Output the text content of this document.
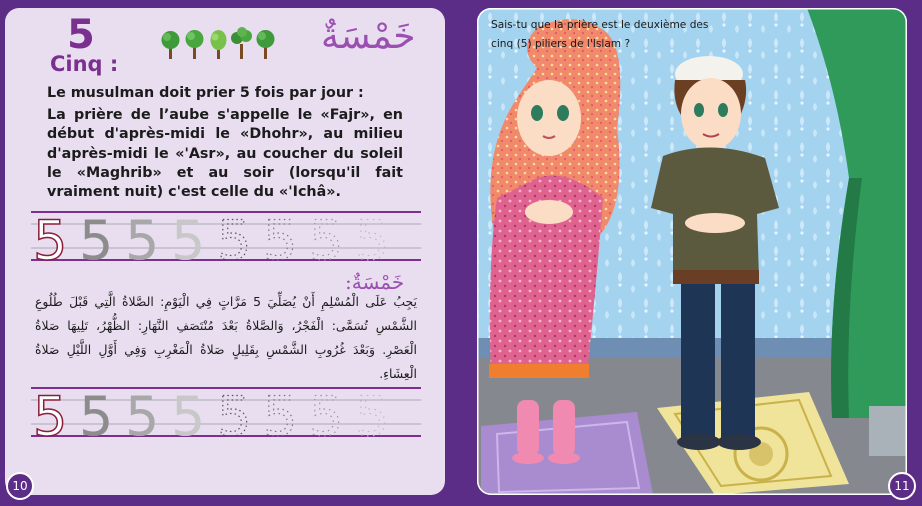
5
Cinq :
خَمْسَةٌ

Le musulman doit prier 5 fois par jour :

La prière de l’aube s'appelle le «Fajr», en début d'après-midi le «Dhohr», au milieu d'après-midi le «'Asr», au coucher du soleil le «Maghrib» et au soir (lorsqu'il fait vraiment nuit) c'est celle du «'Ichâ».

5 5 5 5 5 5 5 5
خَمْسَةٌ:
يَجِبُ عَلَى الْمُسْلِمِ أَنْ يُصَلِّيَ 5 مَرَّاتٍ فِي الْيَوْمِ: الصَّلاةُ الَّتِي قَبْلَ طُلُوعِ الشَّمْسِ تُسَمَّى: الْفَجْرُ، وَالصَّلاةُ بَعْدَ مُنْتَصَفِ النَّهَارِ: الظُّهْرُ، تَلِيهَا صَلاةُ الْعَصْرِ. وَبَعْدَ غُرُوبِ الشَّمْسِ بِقَلِيلٍ صَلاةُ الْمَغْرِبِ وَفِي أَوَّلِ اللَّيْلِ صَلاةُ الْعِشَاءِ.
5 5 5 5 5 5 5 5
10
Sais-tu que la prière est le deuxième des cinq (5) piliers de l'Islam ?
11
